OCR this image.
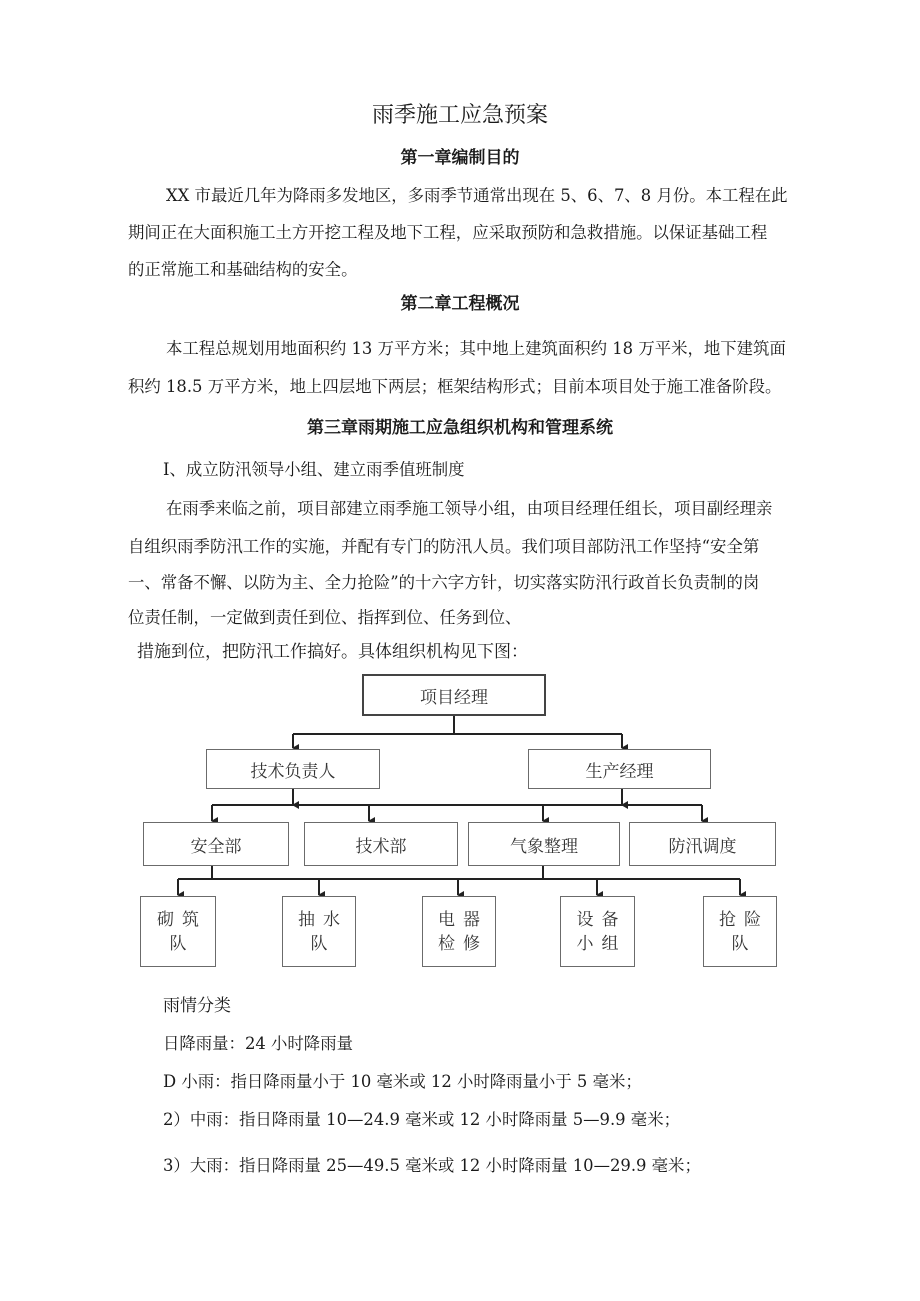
雨季施工应急预案
第一章编制目的
XX 市最近几年为降雨多发地区，多雨季节通常出现在 5、6、7、8 月份。本工程在此
期间正在大面积施工土方开挖工程及地下工程，应采取预防和急救措施。以保证基础工程
的正常施工和基础结构的安全。
第二章工程概况
本工程总规划用地面积约 13 万平方米；其中地上建筑面积约 18 万平米，地下建筑面
积约 18.5 万平方米，地上四层地下两层；框架结构形式；目前本项目处于施工准备阶段。
第三章雨期施工应急组织机构和管理系统
I、成立防汛领导小组、建立雨季值班制度
在雨季来临之前，项目部建立雨季施工领导小组，由项目经理任组长，项目副经理亲
自组织雨季防汛工作的实施，并配有专门的防汛人员。我们项目部防汛工作坚持“安全第
一、常备不懈、以防为主、全力抢险”的十六字方针，切实落实防汛行政首长负责制的岗
位责任制，一定做到责任到位、指挥到位、任务到位、
措施到位，把防汛工作搞好。具体组织机构见下图：
项目经理
技术负责人	生产经理
安全部	技术部	气象整理	防汛调度
砌筑队
抽水队
电器检修
设备小组
抢险队
雨情分类
日降雨量：24 小时降雨量
D 小雨：指日降雨量小于 10 毫米或 12 小时降雨量小于 5 毫米；
2）中雨：指日降雨量 10—24.9 毫米或 12 小时降雨量 5—9.9 毫米；
3）大雨：指日降雨量 25—49.5 毫米或 12 小时降雨量 10—29.9 毫米；
